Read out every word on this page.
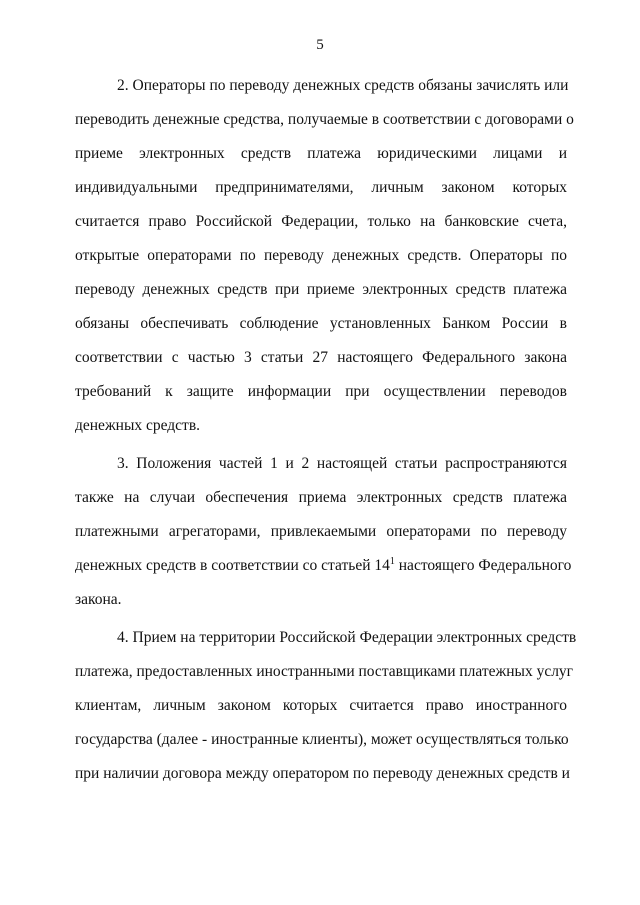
5
2. Операторы по переводу денежных средств обязаны зачислять или
переводить денежные средства, получаемые в соответствии с договорами о
приеме электронных средств платежа юридическими лицами и
индивидуальными предпринимателями, личным законом которых
считается право Российской Федерации, только на банковские счета,
открытые операторами по переводу денежных средств. Операторы по
переводу денежных средств при приеме электронных средств платежа
обязаны обеспечивать соблюдение установленных Банком России в
соответствии с частью 3 статьи 27 настоящего Федерального закона
требований к защите информации при осуществлении переводов
денежных средств.
3. Положения частей 1 и 2 настоящей статьи распространяются
также на случаи обеспечения приема электронных средств платежа
платежными агрегаторами, привлекаемыми операторами по переводу
денежных средств в соответствии со статьей $14^1$ настоящего Федерального
закона.
4. Прием на территории Российской Федерации электронных средств
платежа, предоставленных иностранными поставщиками платежных услуг
клиентам, личным законом которых считается право иностранного
государства (далее - иностранные клиенты), может осуществляться только
при наличии договора между оператором по переводу денежных средств и
